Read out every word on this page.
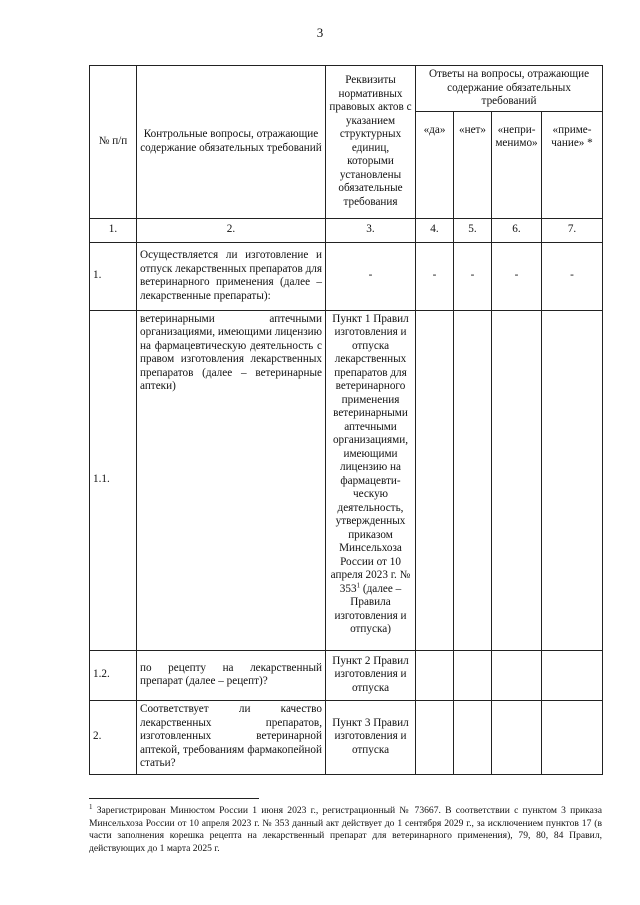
3
№ п/п	Контрольные вопросы, отражающие содержание обязательных требований	Реквизиты нормативных правовых актов с указанием структурных единиц, которыми установлены обязательные требования	Ответы на вопросы, отражающие содержание обязательных требований			
			«да»	«нет»	«непри-менимо»	«приме-чание» *
1.	2.	3.	4.	5.	6.	7.
1.	Осуществляется ли изготовление и отпуск лекарственных препаратов для ветеринарного применения (далее – лекарственные препараты):	-	-	-	-	-
1.1.	ветеринарными аптечными организациями, имеющими лицензию на фармацевтическую деятельность с правом изготовления лекарственных препаратов (далее – ветеринарные аптеки)	Пункт 1 Правил изготовления и отпуска лекарственных препаратов для ветеринарного применения ветеринарными аптечными организациями, имеющими лицензию на фармацевти-ческую деятельность, утвержденных приказом Минсельхоза России от 10 апреля 2023 г. № $353^1$ (далее – Правила изготовления и отпуска)				
1.2.	по рецепту на лекарственный препарат (далее – рецепт)?	Пункт 2 Правил изготовления и отпуска				
2.	Соответствует ли качество лекарственных препаратов, изготовленных ветеринарной аптекой, требованиям фармакопейной статьи?	Пункт 3 Правил изготовления и отпуска				
$^1$ Зарегистрирован Минюстом России 1 июня 2023 г., регистрационный № 73667. В соответствии с пунктом 3 приказа Минсельхоза России от 10 апреля 2023 г. № 353 данный акт действует до 1 сентября 2029 г., за исключением пунктов 17 (в части заполнения корешка рецепта на лекарственный препарат для ветеринарного применения), 79, 80, 84 Правил, действующих до 1 марта 2025 г.
